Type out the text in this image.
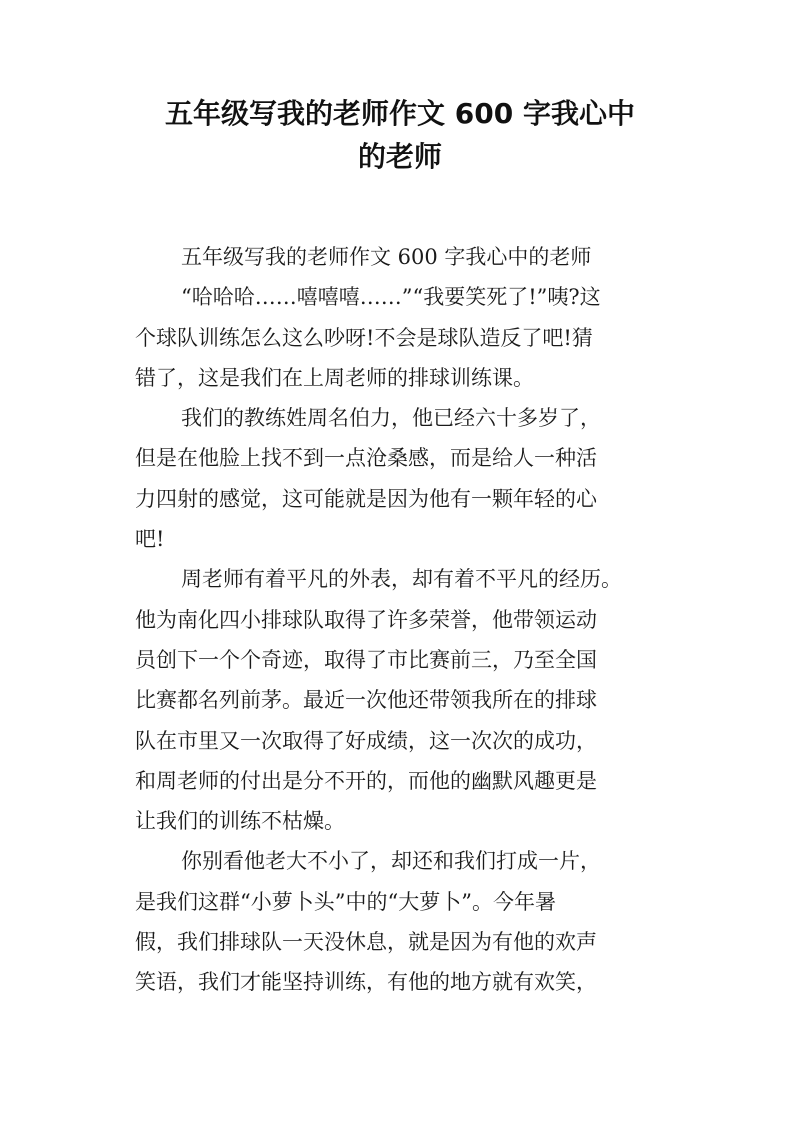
五年级写我的老师作文 600 字我心中
的老师
五年级写我的老师作文 600 字我心中的老师
“哈哈哈……嘻嘻嘻……”“我要笑死了!”咦?这
个球队训练怎么这么吵呀!不会是球队造反了吧!猜
错了，这是我们在上周老师的排球训练课。
我们的教练姓周名伯力，他已经六十多岁了，
但是在他脸上找不到一点沧桑感，而是给人一种活
力四射的感觉，这可能就是因为他有一颗年轻的心
吧!
周老师有着平凡的外表，却有着不平凡的经历。
他为南化四小排球队取得了许多荣誉，他带领运动
员创下一个个奇迹，取得了市比赛前三，乃至全国
比赛都名列前茅。最近一次他还带领我所在的排球
队在市里又一次取得了好成绩，这一次次的成功，
和周老师的付出是分不开的，而他的幽默风趣更是
让我们的训练不枯燥。
你别看他老大不小了，却还和我们打成一片，
是我们这群“小萝卜头”中的“大萝卜”。今年暑
假，我们排球队一天没休息，就是因为有他的欢声
笑语，我们才能坚持训练，有他的地方就有欢笑，
